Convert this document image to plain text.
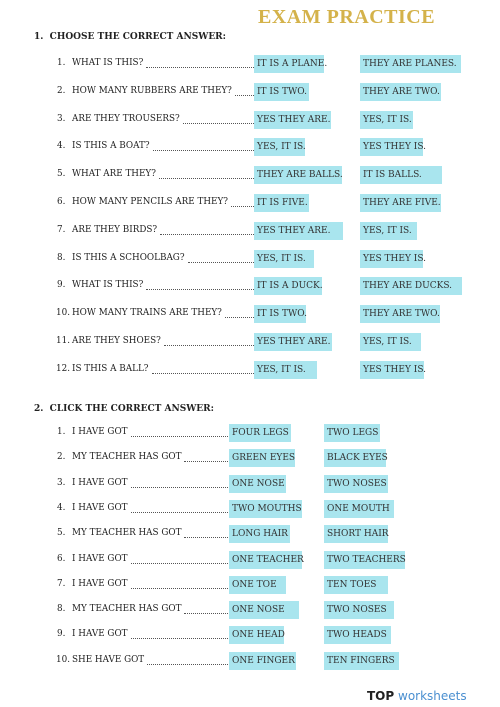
EXAM PRACTICE
1.  CHOOSE THE CORRECT ANSWER:
1. WHAT IS THIS?	IT IS A PLANE.	THEY ARE PLANES.
2. HOW MANY RUBBERS ARE THEY?	IT IS TWO.	THEY ARE TWO.
3. ARE THEY TROUSERS?	YES THEY ARE.	YES, IT IS.
4. IS THIS A BOAT?	YES, IT IS.	YES THEY IS.
5. WHAT ARE THEY?	THEY ARE BALLS.	IT IS BALLS.
6. HOW MANY PENCILS ARE THEY?	IT IS FIVE.	THEY ARE FIVE.
7. ARE THEY BIRDS?	YES THEY ARE.	YES, IT IS.
8. IS THIS A SCHOOLBAG?	YES, IT IS.	YES THEY IS.
9. WHAT IS THIS?	IT IS A DUCK.	THEY ARE DUCKS.
10. HOW MANY TRAINS ARE THEY?	IT IS TWO.	THEY ARE TWO.
11. ARE THEY SHOES?	YES THEY ARE.	YES, IT IS.
12. IS THIS A BALL?	YES, IT IS.	YES THEY IS.
2.  CLICK THE CORRECT ANSWER:
1. I HAVE GOT	FOUR LEGS	TWO LEGS
2. MY TEACHER HAS GOT	GREEN EYES	BLACK EYES
3. I HAVE GOT	ONE NOSE	TWO NOSES
4. I HAVE GOT	TWO MOUTHS	ONE MOUTH
5. MY TEACHER HAS GOT	LONG HAIR	SHORT HAIR
6. I HAVE GOT	ONE TEACHER	TWO TEACHERS
7. I HAVE GOT	ONE TOE	TEN TOES
8. MY TEACHER HAS GOT	ONE NOSE	TWO NOSES
9. I HAVE GOT	ONE HEAD	TWO HEADS
10. SHE HAVE GOT	ONE FINGER	TEN FINGERS
TOP worksheets
